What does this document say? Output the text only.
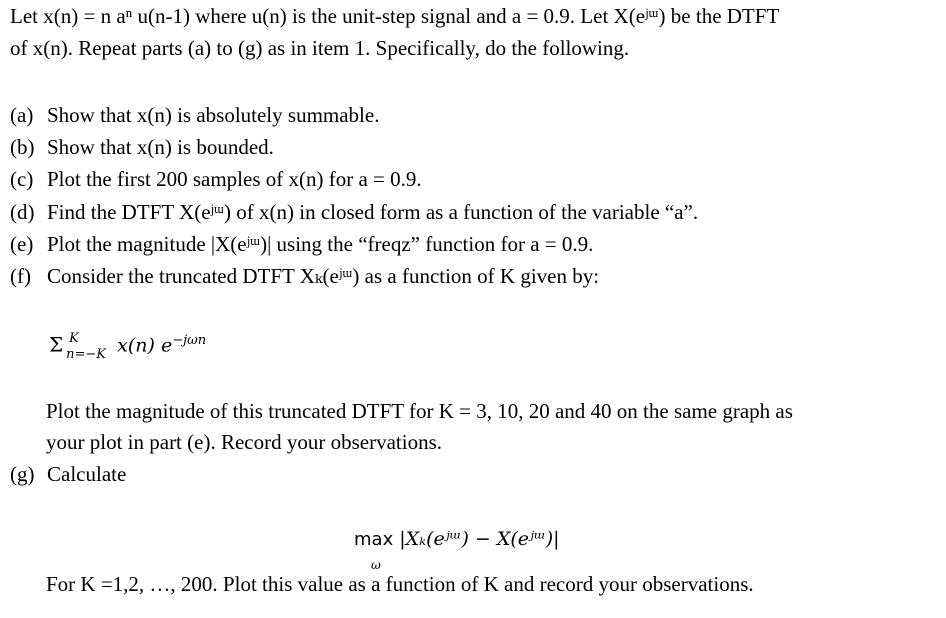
Let x(n) = n aⁿ u(n-1) where u(n) is the unit-step signal and a = 0.9. Let X(eʲᵚ) be the DTFT
of x(n). Repeat parts (a) to (g) as in item 1. Specifically, do the following.
(a) Show that x(n) is absolutely summable.
(b) Show that x(n) is bounded.
(c) Plot the first 200 samples of x(n) for a = 0.9.
(d) Find the DTFT X(eʲᵚ) of x(n) in closed form as a function of the variable “a”.
(e) Plot the magnitude |X(eʲᵚ)| using the “freqz” function for a = 0.9.
(f) Consider the truncated DTFT Xₖ(eʲᵚ) as a function of K given by:
Σ K
n=−K x(n) $e^{-j\omega n}$
Plot the magnitude of this truncated DTFT for K = 3, 10, 20 and 40 on the same graph as
your plot in part (e). Record your observations.
(g) Calculate
max
ω
|Xₖ(eʲᵚ) − X(eʲᵚ)|
For K =1,2, …, 200. Plot this value as a function of K and record your observations.
